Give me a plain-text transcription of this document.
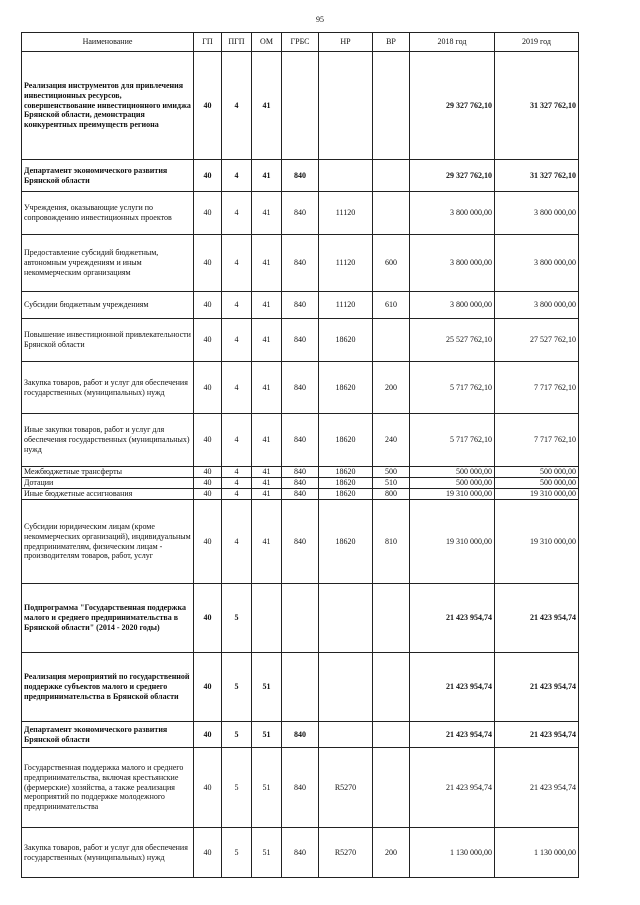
95
Наименование	ГП	ПГП	ОМ	ГРБС	НР	ВР	2018 год	2019 год
Реализация инструментов для привлечения инвестиционных ресурсов, совершенствование инвестиционного имиджа Брянской области, демонстрация конкурентных преимуществ региона	40	4	41				29 327 762,10	31 327 762,10
Департамент экономического развития Брянской области	40	4	41	840			29 327 762,10	31 327 762,10
Учреждения, оказывающие услуги по сопровождению инвестиционных проектов	40	4	41	840	11120		3 800 000,00	3 800 000,00
Предоставление субсидий бюджетным, автономным учреждениям и иным некоммерческим организациям	40	4	41	840	11120	600	3 800 000,00	3 800 000,00
Субсидии бюджетным учреждениям	40	4	41	840	11120	610	3 800 000,00	3 800 000,00
Повышение инвестиционной привлекательности Брянской области	40	4	41	840	18620		25 527 762,10	27 527 762,10
Закупка товаров, работ и услуг для обеспечения государственных (муниципальных) нужд	40	4	41	840	18620	200	5 717 762,10	7 717 762,10
Иные закупки товаров, работ и услуг для обеспечения государственных (муниципальных) нужд	40	4	41	840	18620	240	5 717 762,10	7 717 762,10
Межбюджетные трансферты	40	4	41	840	18620	500	500 000,00	500 000,00
Дотации	40	4	41	840	18620	510	500 000,00	500 000,00
Иные бюджетные ассигнования	40	4	41	840	18620	800	19 310 000,00	19 310 000,00
Субсидии юридическим лицам (кроме некоммерческих организаций), индивидуальным предпринимателям, физическим лицам - производителям товаров, работ, услуг	40	4	41	840	18620	810	19 310 000,00	19 310 000,00
Подпрограмма "Государственная поддержка малого и среднего предпринимательства в Брянской области" (2014 - 2020 годы)	40	5					21 423 954,74	21 423 954,74
Реализация мероприятий по государственной поддержке субъектов малого и среднего предпринимательства в Брянской области	40	5	51				21 423 954,74	21 423 954,74
Департамент экономического развития Брянской области	40	5	51	840			21 423 954,74	21 423 954,74
Государственная поддержка малого и среднего предпринимательства, включая крестьянские (фермерские) хозяйства, а также реализация мероприятий по поддержке молодежного предпринимательства	40	5	51	840	R5270		21 423 954,74	21 423 954,74
Закупка товаров, работ и услуг для обеспечения государственных (муниципальных) нужд	40	5	51	840	R5270	200	1 130 000,00	1 130 000,00
